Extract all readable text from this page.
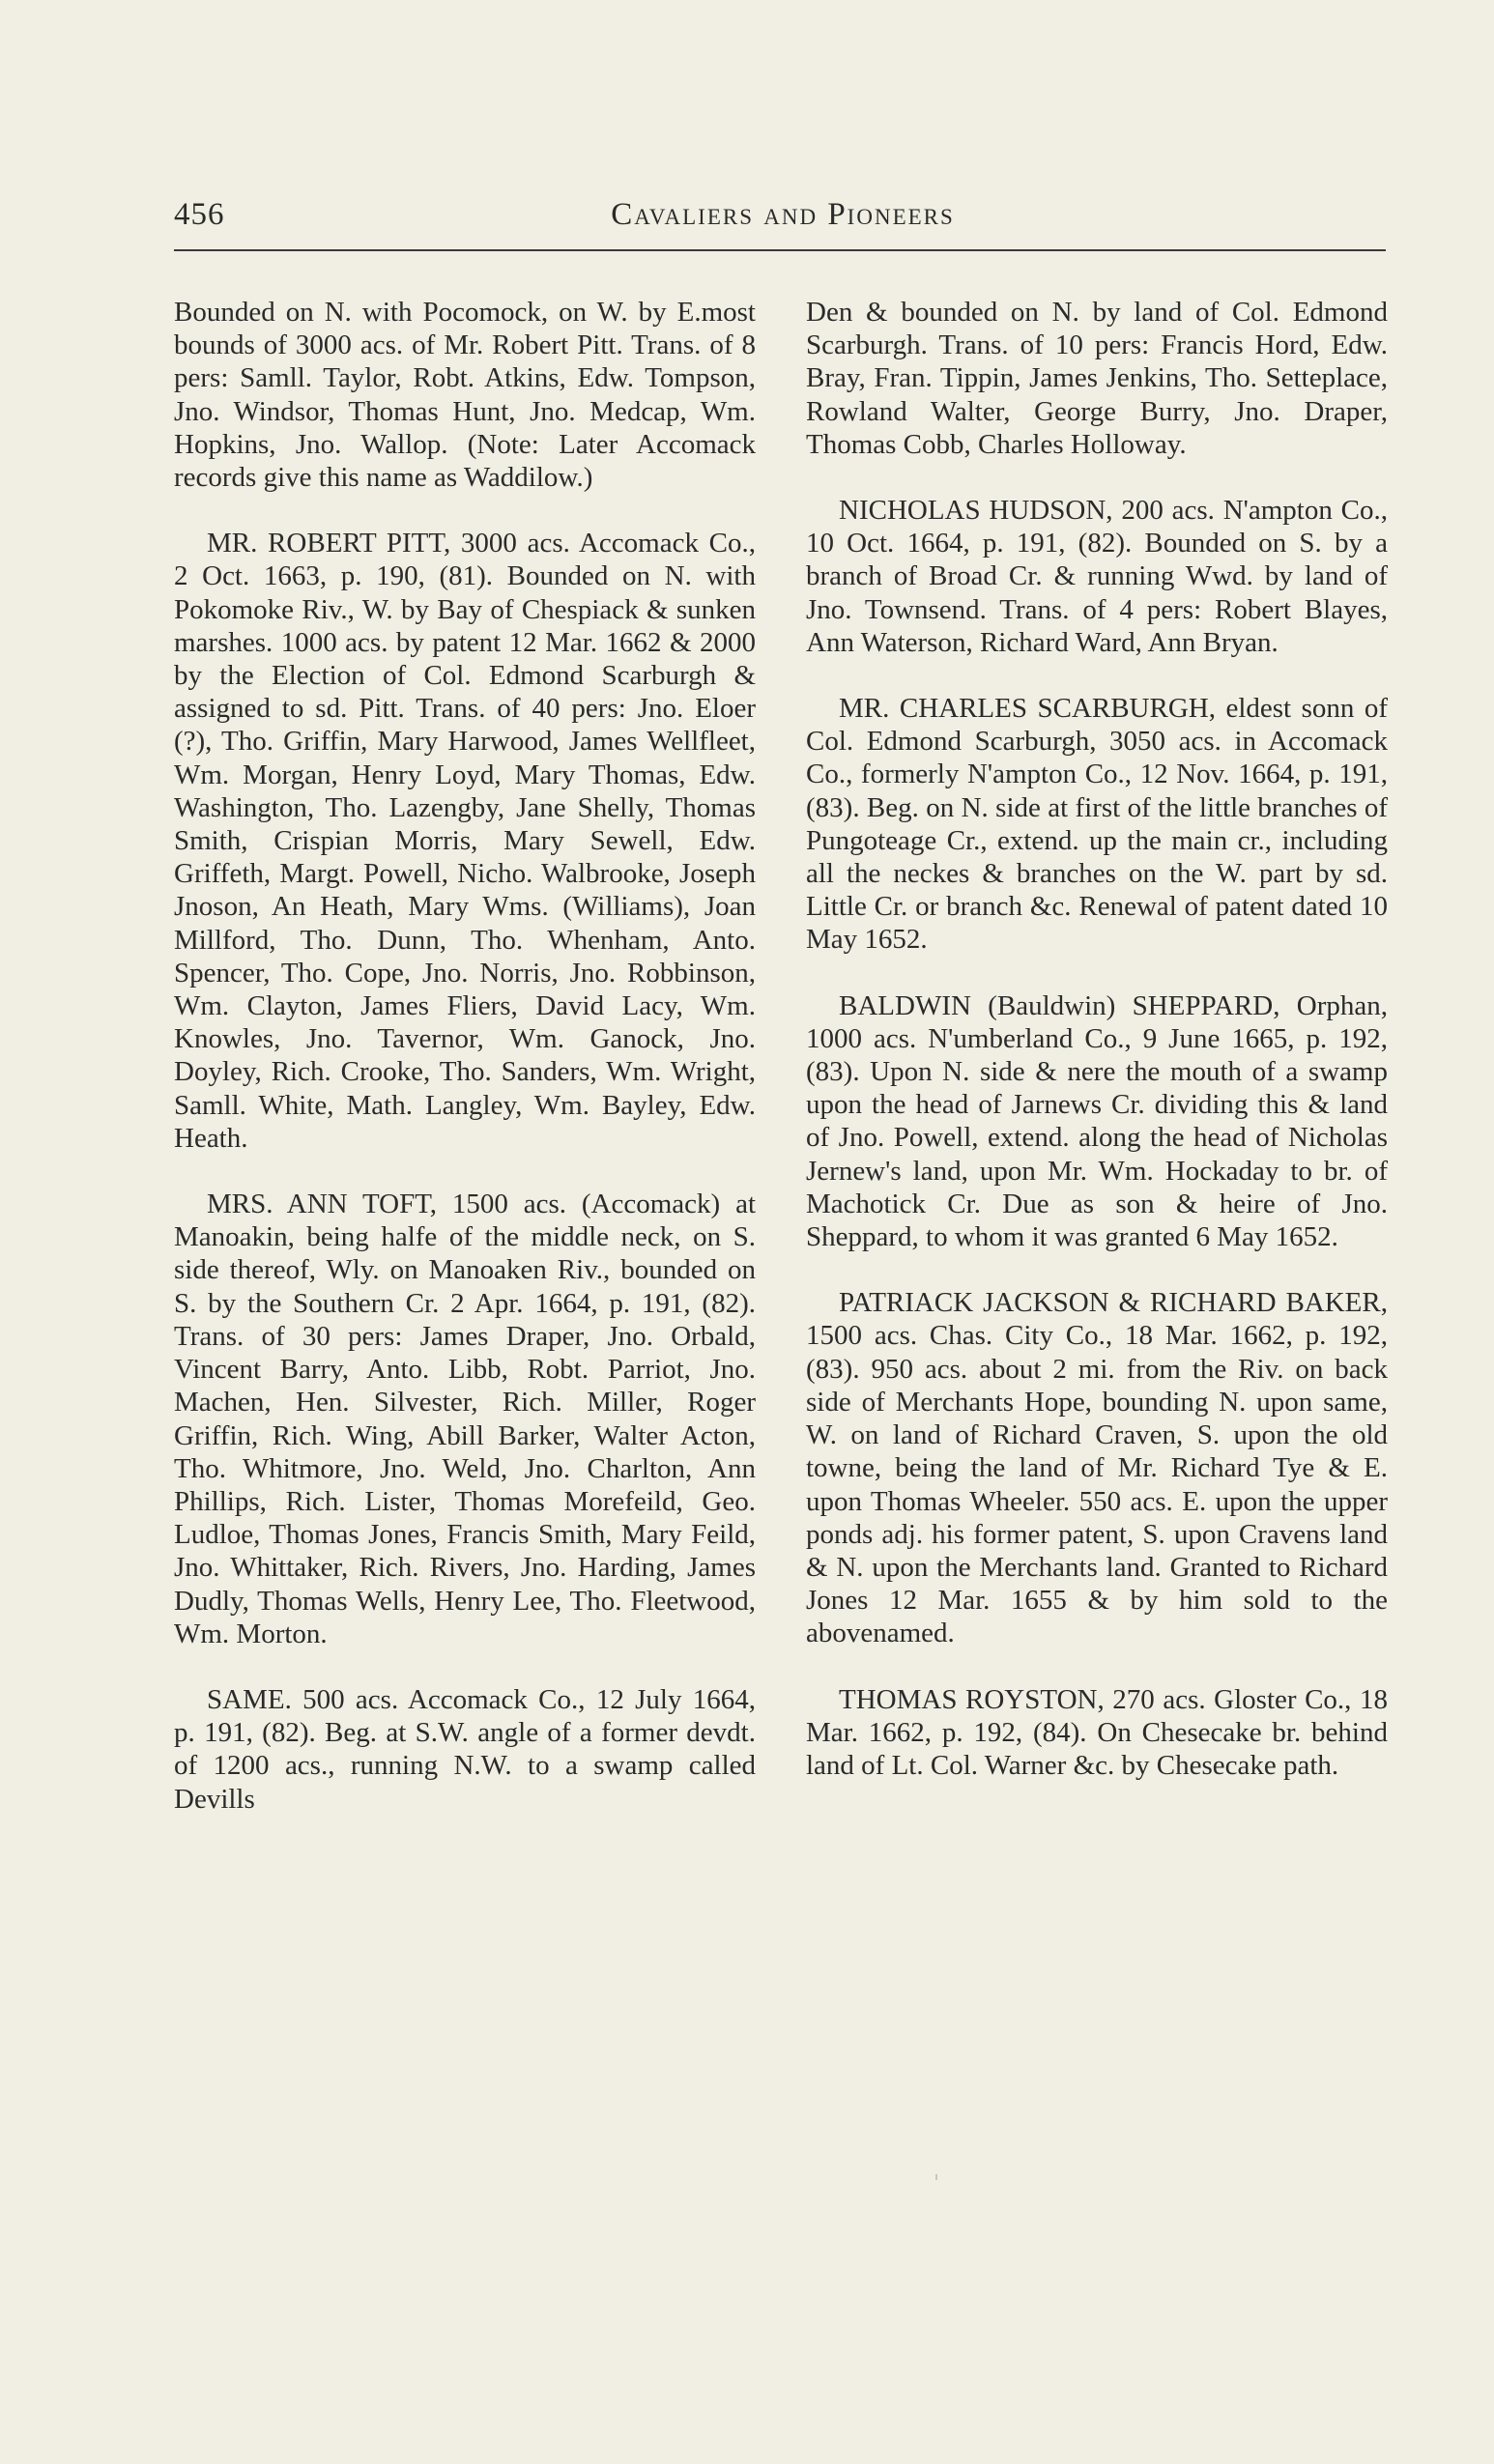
456	Cavaliers and Pioneers

Bounded on N. with Pocomock, on W. by E.most bounds of 3000 acs. of Mr. Robert Pitt. Trans. of 8 pers: Samll. Taylor, Robt. Atkins, Edw. Tompson, Jno. Windsor, Thomas Hunt, Jno. Medcap, Wm. Hopkins, Jno. Wallop. (Note: Later Accomack records give this name as Waddilow.)

MR. ROBERT PITT, 3000 acs. Accomack Co., 2 Oct. 1663, p. 190, (81). Bounded on N. with Pokomoke Riv., W. by Bay of Chespiack & sunken marshes. 1000 acs. by patent 12 Mar. 1662 & 2000 by the Election of Col. Edmond Scarburgh & assigned to sd. Pitt. Trans. of 40 pers: Jno. Eloer (?), Tho. Griffin, Mary Harwood, James Wellfleet, Wm. Morgan, Henry Loyd, Mary Thomas, Edw. Washington, Tho. Lazengby, Jane Shelly, Thomas Smith, Crispian Morris, Mary Sewell, Edw. Griffeth, Margt. Powell, Nicho. Walbrooke, Joseph Jnoson, An Heath, Mary Wms. (Williams), Joan Millford, Tho. Dunn, Tho. Whenham, Anto. Spencer, Tho. Cope, Jno. Norris, Jno. Robbinson, Wm. Clayton, James Fliers, David Lacy, Wm. Knowles, Jno. Tavernor, Wm. Ganock, Jno. Doyley, Rich. Crooke, Tho. Sanders, Wm. Wright, Samll. White, Math. Langley, Wm. Bayley, Edw. Heath.

MRS. ANN TOFT, 1500 acs. (Accomack) at Manoakin, being halfe of the middle neck, on S. side thereof, Wly. on Manoaken Riv., bounded on S. by the Southern Cr. 2 Apr. 1664, p. 191, (82). Trans. of 30 pers: James Draper, Jno. Orbald, Vincent Barry, Anto. Libb, Robt. Parriot, Jno. Machen, Hen. Silvester, Rich. Miller, Roger Griffin, Rich. Wing, Abill Barker, Walter Acton, Tho. Whitmore, Jno. Weld, Jno. Charlton, Ann Phillips, Rich. Lister, Thomas Morefeild, Geo. Ludloe, Thomas Jones, Francis Smith, Mary Feild, Jno. Whittaker, Rich. Rivers, Jno. Harding, James Dudly, Thomas Wells, Henry Lee, Tho. Fleetwood, Wm. Morton.

SAME. 500 acs. Accomack Co., 12 July 1664, p. 191, (82). Beg. at S.W. angle of a former devdt. of 1200 acs., running N.W. to a swamp called Devills

Den & bounded on N. by land of Col. Edmond Scarburgh. Trans. of 10 pers: Francis Hord, Edw. Bray, Fran. Tippin, James Jenkins, Tho. Setteplace, Rowland Walter, George Burry, Jno. Draper, Thomas Cobb, Charles Holloway.

NICHOLAS HUDSON, 200 acs. N'ampton Co., 10 Oct. 1664, p. 191, (82). Bounded on S. by a branch of Broad Cr. & running Wwd. by land of Jno. Townsend. Trans. of 4 pers: Robert Blayes, Ann Waterson, Richard Ward, Ann Bryan.

MR. CHARLES SCARBURGH, eldest sonn of Col. Edmond Scarburgh, 3050 acs. in Accomack Co., formerly N'ampton Co., 12 Nov. 1664, p. 191, (83). Beg. on N. side at first of the little branches of Pungoteage Cr., extend. up the main cr., including all the neckes & branches on the W. part by sd. Little Cr. or branch &c. Renewal of patent dated 10 May 1652.

BALDWIN (Bauldwin) SHEPPARD, Orphan, 1000 acs. N'umberland Co., 9 June 1665, p. 192, (83). Upon N. side & nere the mouth of a swamp upon the head of Jarnews Cr. dividing this & land of Jno. Powell, extend. along the head of Nicholas Jernew's land, upon Mr. Wm. Hockaday to br. of Machotick Cr. Due as son & heire of Jno. Sheppard, to whom it was granted 6 May 1652.

PATRIACK JACKSON & RICHARD BAKER, 1500 acs. Chas. City Co., 18 Mar. 1662, p. 192, (83). 950 acs. about 2 mi. from the Riv. on back side of Merchants Hope, bounding N. upon same, W. on land of Richard Craven, S. upon the old towne, being the land of Mr. Richard Tye & E. upon Thomas Wheeler. 550 acs. E. upon the upper ponds adj. his former patent, S. upon Cravens land & N. upon the Merchants land. Granted to Richard Jones 12 Mar. 1655 & by him sold to the abovenamed.

THOMAS ROYSTON, 270 acs. Gloster Co., 18 Mar. 1662, p. 192, (84). On Chesecake br. behind land of Lt. Col. Warner &c. by Chesecake path.
